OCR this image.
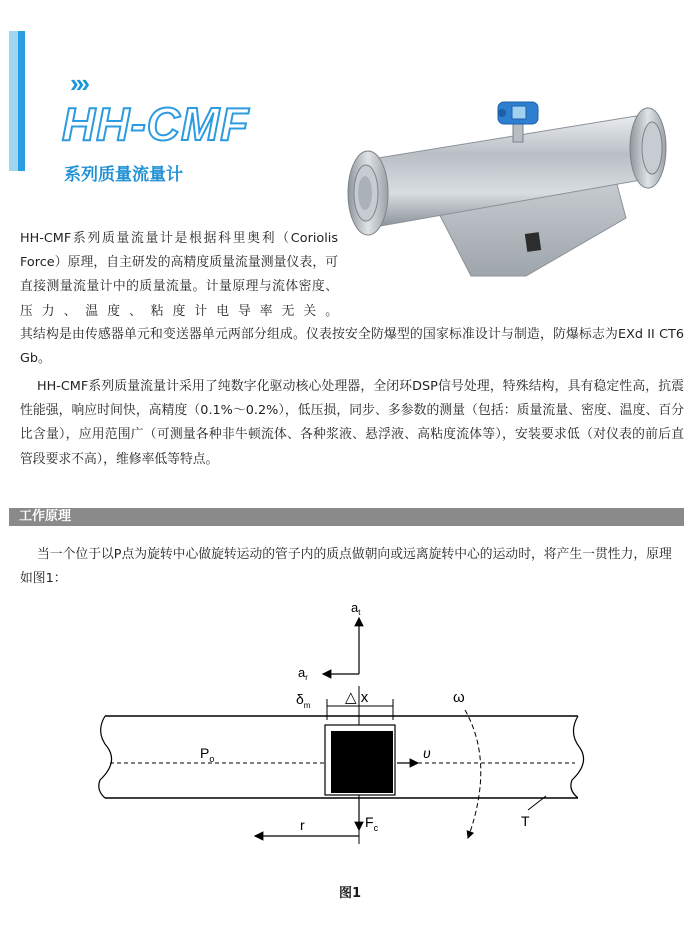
›››
HH-CMF
系列质量流量计
HH-CMF系列质量流量计是根据科里奥利（Coriolis Force）原理，自主研发的高精度质量流量测量仪表，可直接测量流量计中的质量流量。计量原理与流体密度、压力、温度、粘度计电导率无关。
其结构是由传感器单元和变送器单元两部分组成。仪表按安全防爆型的国家标准设计与制造，防爆标志为EXd II CT6 Gb。
HH-CMF系列质量流量计采用了纯数字化驱动核心处理器，全闭环DSP信号处理，特殊结构，具有稳定性高，抗震性能强，响应时间快，高精度（0.1%～0.2%），低压损，同步、多参数的测量（包括：质量流量、密度、温度、百分比含量），应用范围广（可测量各种非牛顿流体、各种浆液、悬浮液、高粘度流体等），安装要求低（对仪表的前后直管段要求不高），维修率低等特点。
工作原理
当一个位于以P点为旋转中心做旋转运动的管子内的质点做朝向或远离旋转中心的运动时，将产生一贯性力，原理如图1：
$a_t$
$a_r$
$\delta_m$ △ x	ω
$P_o$	υ
$F_c$	T
r
图1
